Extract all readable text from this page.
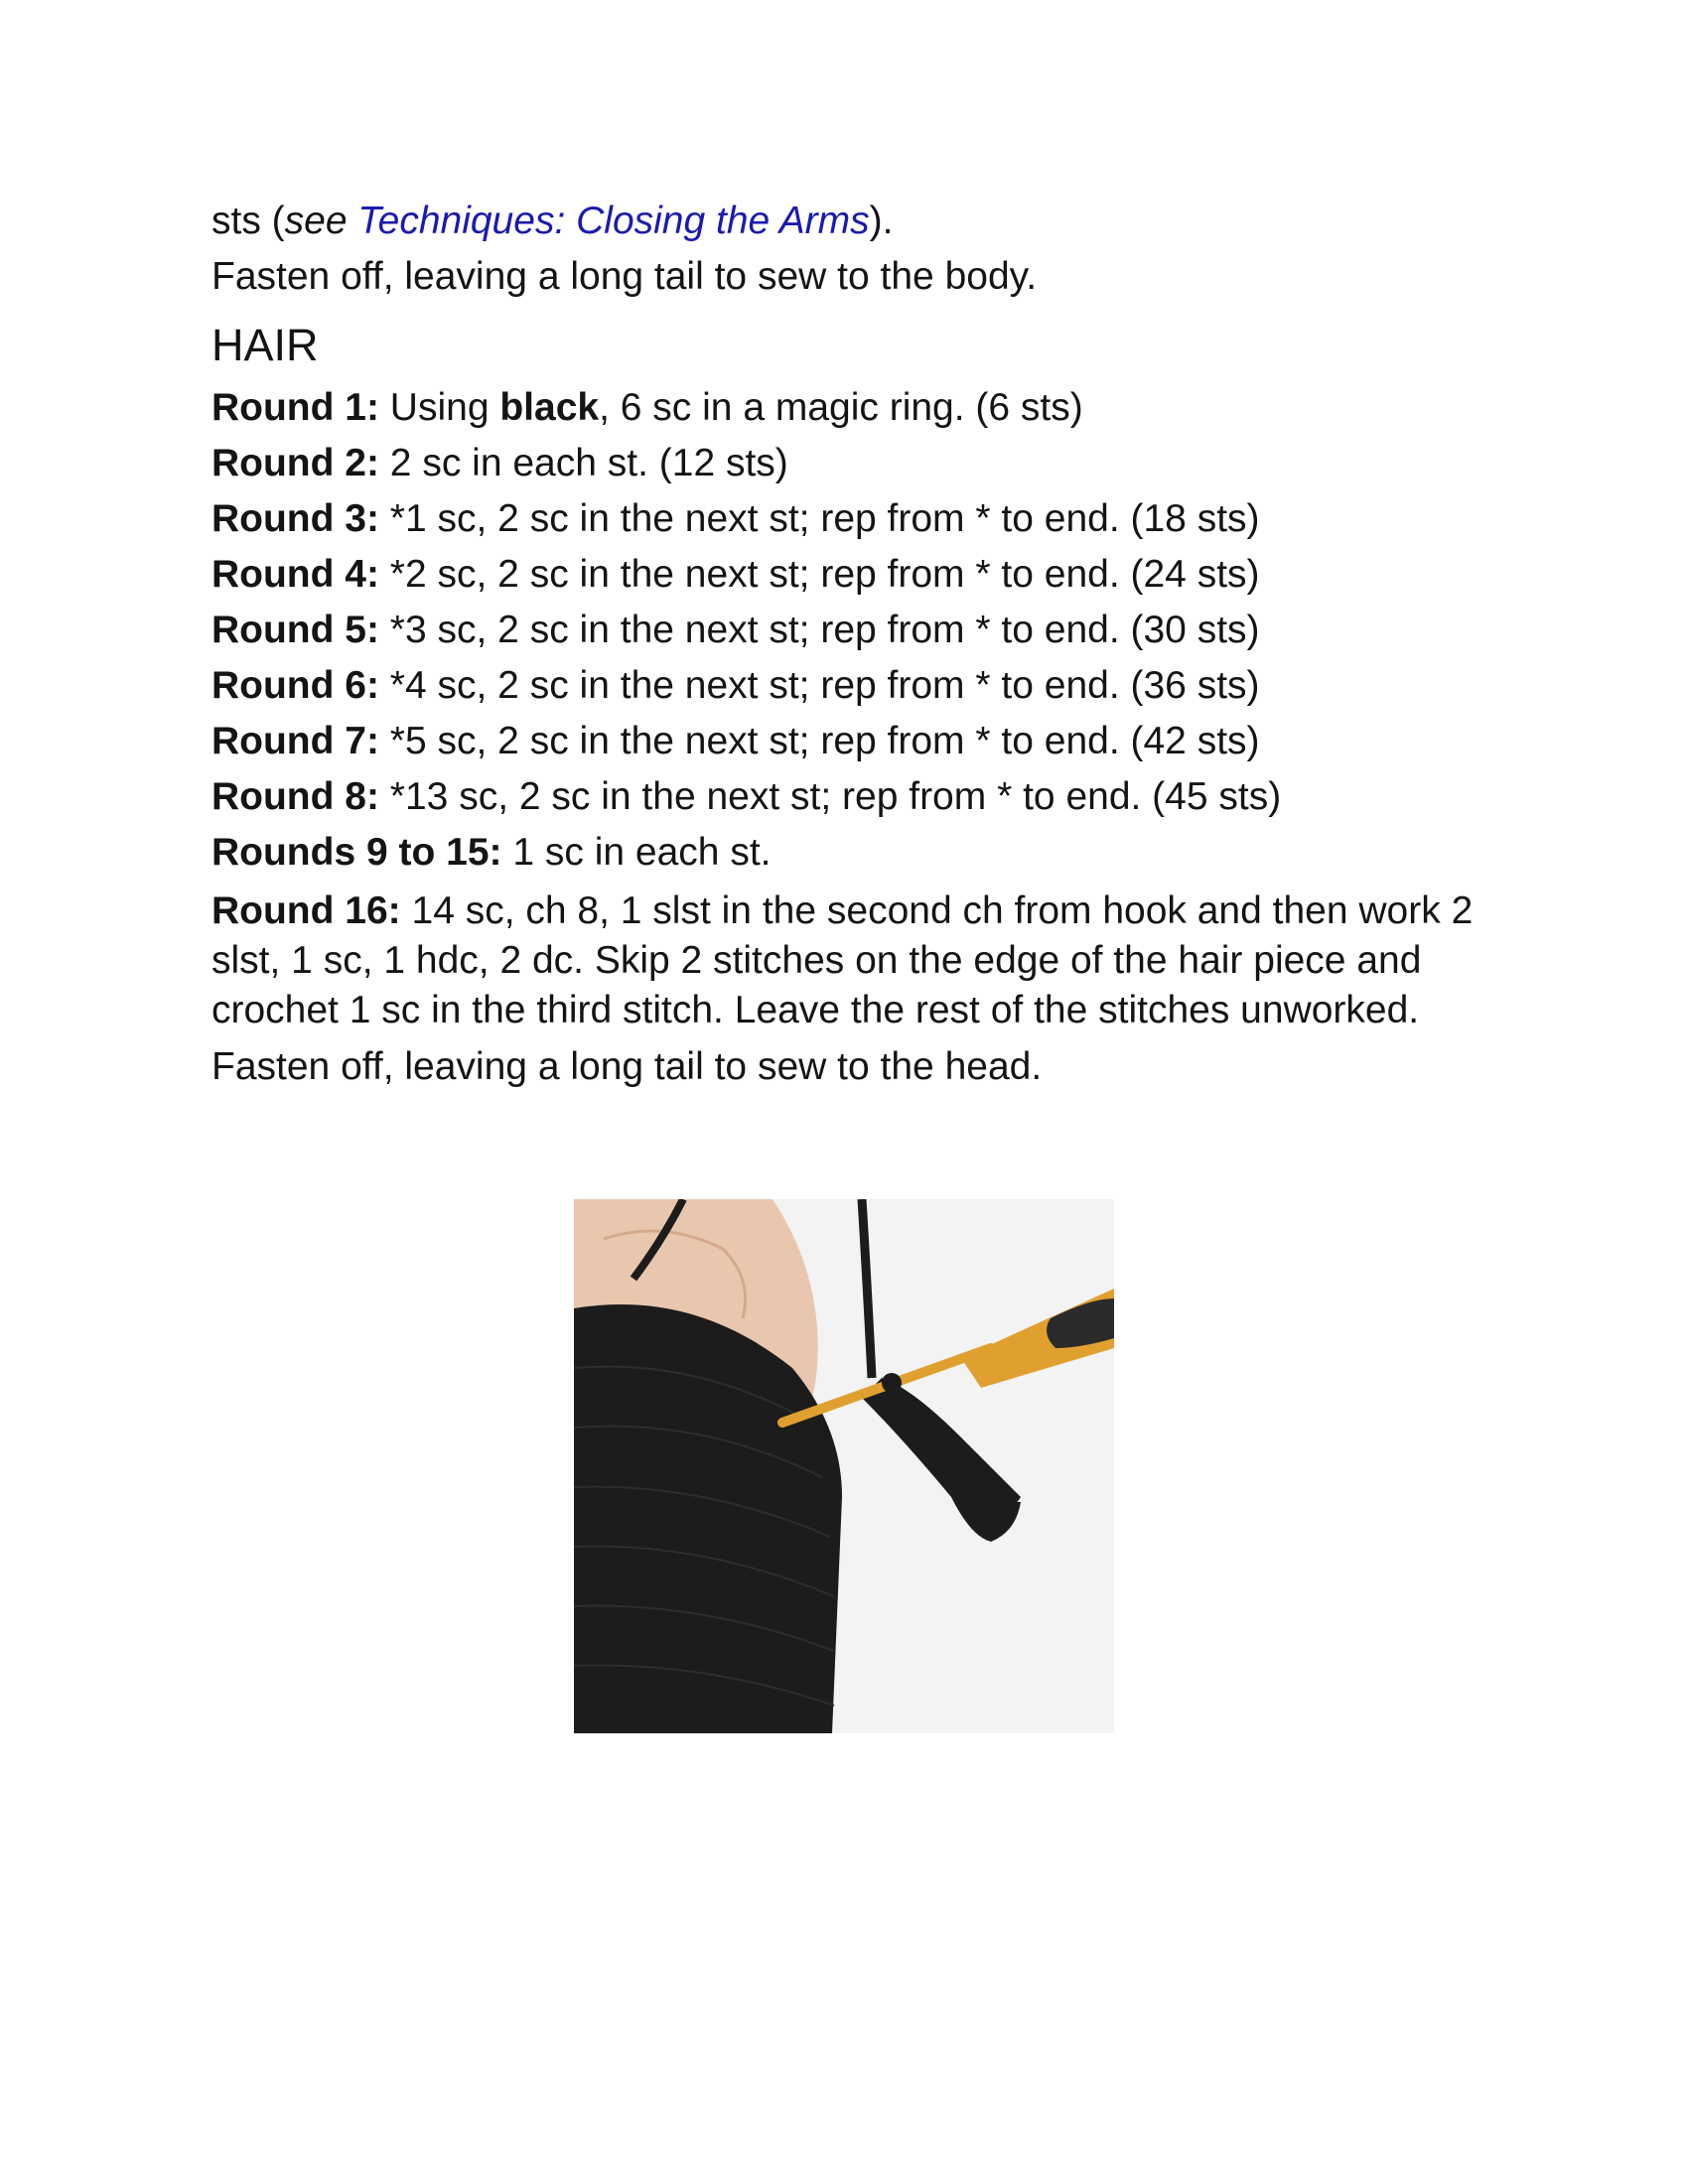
sts (see Techniques: Closing the Arms).

Fasten off, leaving a long tail to sew to the body.

HAIR

Round 1: Using black, 6 sc in a magic ring. (6 sts)

Round 2: 2 sc in each st. (12 sts)

Round 3: *1 sc, 2 sc in the next st; rep from * to end. (18 sts)

Round 4: *2 sc, 2 sc in the next st; rep from * to end. (24 sts)

Round 5: *3 sc, 2 sc in the next st; rep from * to end. (30 sts)

Round 6: *4 sc, 2 sc in the next st; rep from * to end. (36 sts)

Round 7: *5 sc, 2 sc in the next st; rep from * to end. (42 sts)

Round 8: *13 sc, 2 sc in the next st; rep from * to end. (45 sts)

Rounds 9 to 15: 1 sc in each st.

Round 16: 14 sc, ch 8, 1 slst in the second ch from hook and then work 2 slst, 1 sc, 1 hdc, 2 dc. Skip 2 stitches on the edge of the hair piece and crochet 1 sc in the third stitch. Leave the rest of the stitches unworked.

Fasten off, leaving a long tail to sew to the head.
